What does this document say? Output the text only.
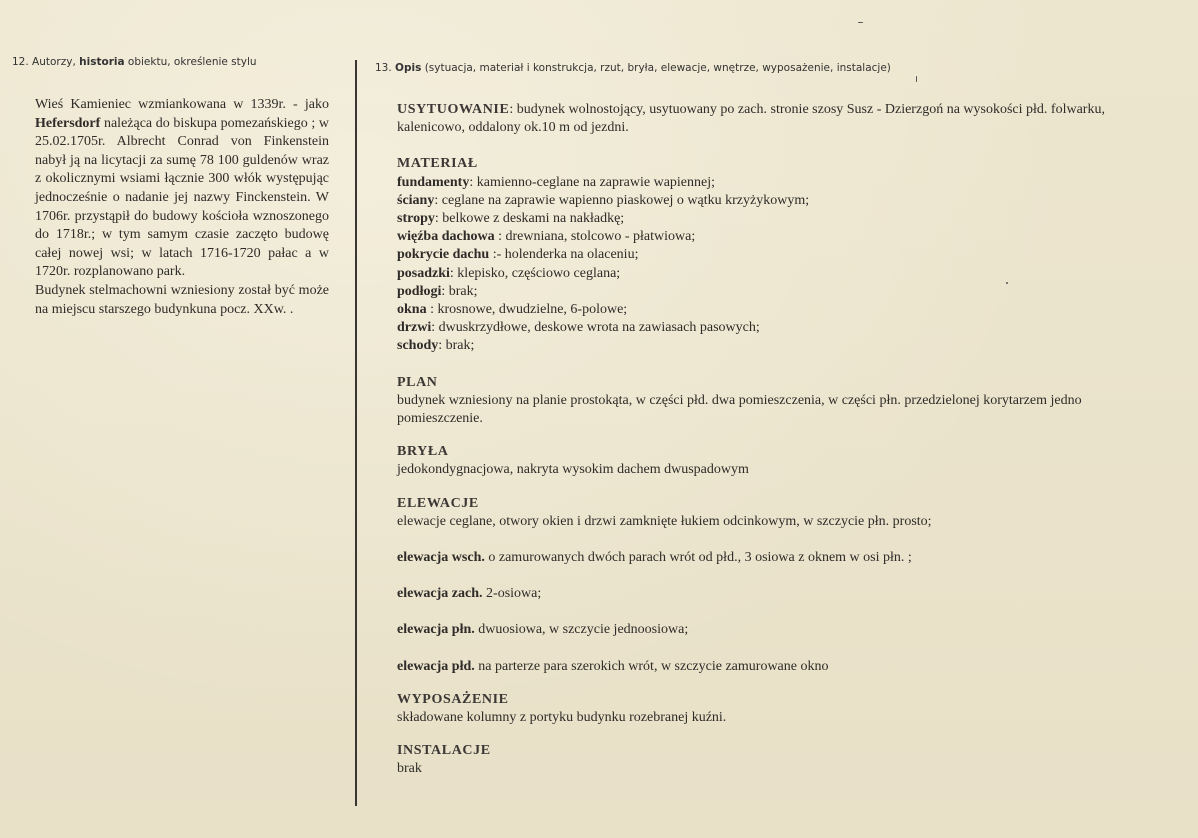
12. Autorzy, historia obiektu, określenie stylu	13. Opis (sytuacja, materiał i konstrukcja, rzut, bryła, elewacje, wnętrze, wyposażenie, instalacje)

Wieś Kamieniec wzmiankowana w 1339r. - jako Hefersdorf należąca do biskupa pomezańskiego ; w 25.02.1705r. Albrecht Conrad von Finkenstein nabył ją na licytacji za sumę 78 100 guldenów wraz z okolicznymi wsiami łącznie 300 włók występując jednocześnie o nadanie jej nazwy Finckenstein. W 1706r. przystąpił do budowy kościoła wznoszonego do 1718r.; w tym samym czasie zaczęto budowę całej nowej wsi; w latach 1716-1720 pałac a w 1720r. rozplanowano park.

Budynek stelmachowni wzniesiony został być może na miejscu starszego budynkuna pocz. XXw. .

USYTUOWANIE: budynek wolnostojący, usytuowany po zach. stronie szosy Susz - Dzierzgoń na wysokości płd. folwarku, kalenicowo, oddalony ok.10 m od jezdni.
MATERIAŁ
fundamenty: kamienno-ceglane na zaprawie wapiennej;
ściany: ceglane na zaprawie wapienno piaskowej o wątku krzyżykowym;
stropy: belkowe z deskami na nakładkę;
więźba dachowa : drewniana, stolcowo - płatwiowa;
pokrycie dachu :- holenderka na olaceniu;
posadzki: klepisko, częściowo ceglana;
podłogi: brak;
okna : krosnowe, dwudzielne, 6-polowe;
drzwi: dwuskrzydłowe, deskowe wrota na zawiasach pasowych;
schody: brak;
PLAN
budynek wzniesiony na planie prostokąta, w części płd. dwa pomieszczenia, w części płn. przedzielonej korytarzem jedno pomieszczenie.
BRYŁA
jedokondygnacjowa, nakryta wysokim dachem dwuspadowym
ELEWACJE
elewacje ceglane, otwory okien i drzwi zamknięte łukiem odcinkowym, w szczycie płn. prosto;
elewacja wsch. o zamurowanych dwóch parach wrót od płd., 3 osiowa z oknem w osi płn. ;
elewacja zach. 2-osiowa;
elewacja płn. dwuosiowa, w szczycie jednoosiowa;
elewacja płd. na parterze para szerokich wrót, w szczycie zamurowane okno
WYPOSAŻENIE
składowane kolumny z portyku budynku rozebranej kuźni.
INSTALACJE
brak
